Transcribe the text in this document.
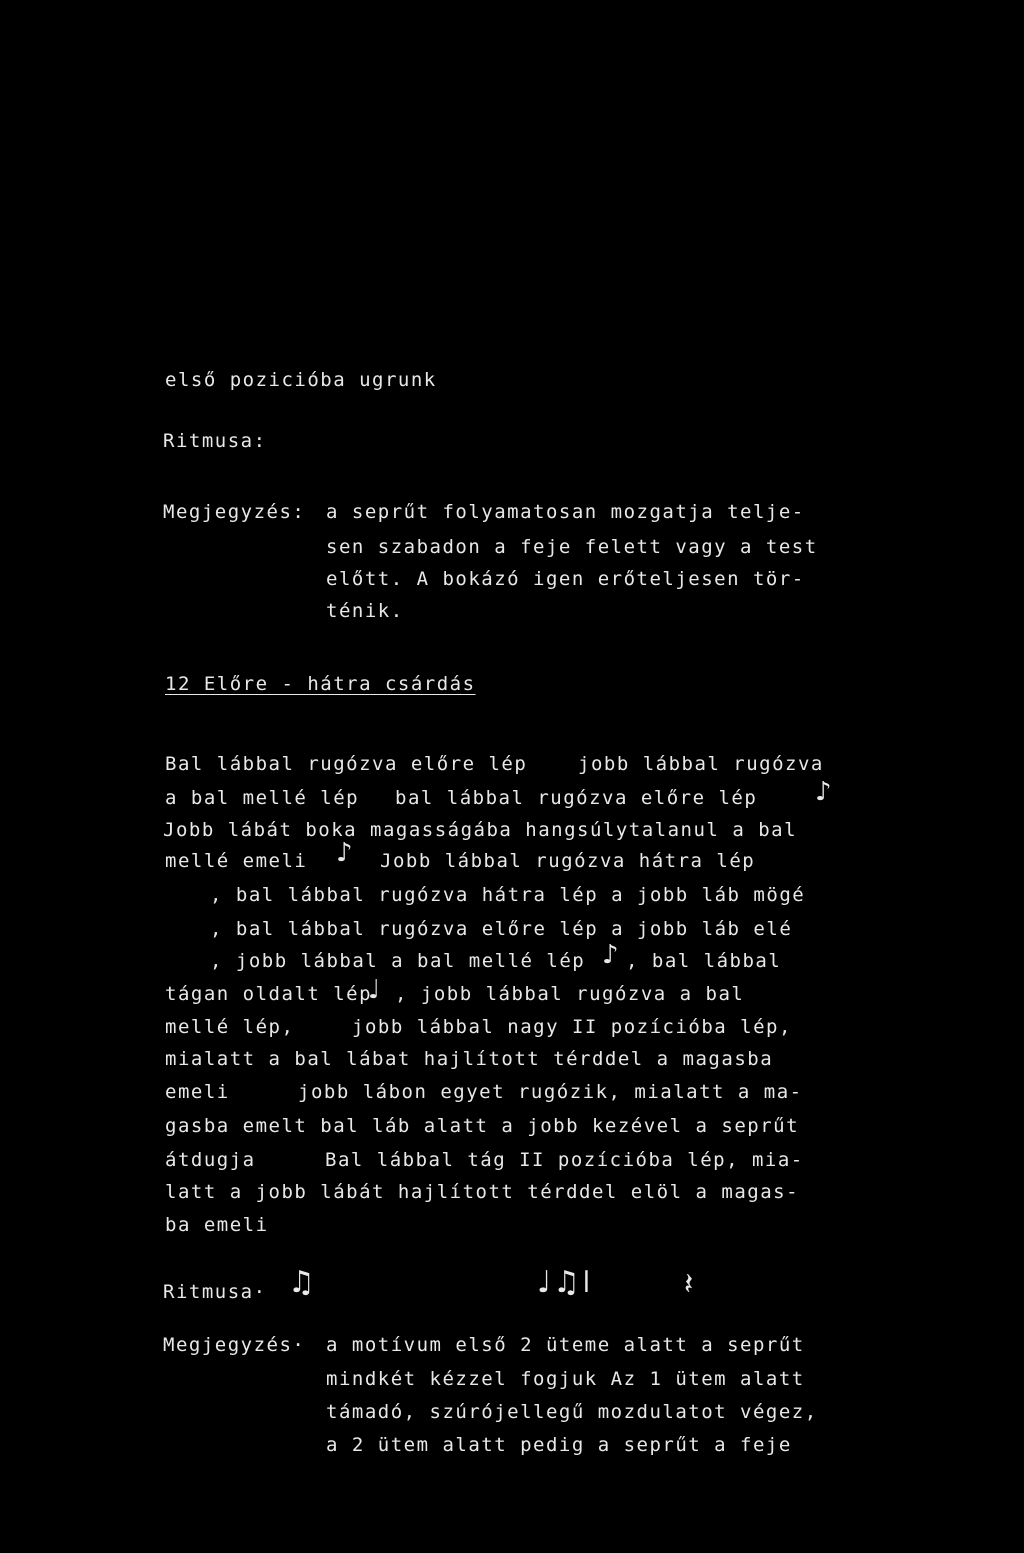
első pozicióba ugrunk
Ritmusa:
Megjegyzés: a seprűt folyamatosan mozgatja telje-
sen szabadon a feje felett vagy a test
előtt. A bokázó igen erőteljesen tör-
ténik.
12 Előre - hátra csárdás
Bal lábbal rugózva előre lép	jobb lábbal rugózva
a bal mellé lép bal lábbal rugózva előre lép ♪
Jobb lábát boka magasságába hangsúlytalanul a bal
mellé emeli ♪ Jobb lábbal rugózva hátra lép
, bal lábbal rugózva hátra lép a jobb láb mögé
, bal lábbal rugózva előre lép a jobb láb elé
, jobb lábbal a bal mellé lép ♪ , bal lábbal
tágan oldalt lép
♩ , jobb lábbal rugózva a bal
mellé lép,	jobb lábbal nagy II pozícióba lép,
mialatt a bal lábat hajlított térddel a magasba
emeli	jobb lábon egyet rugózik, mialatt a ma-
gasba emelt bal láb alatt a jobb kezével a seprűt
átdugja	Bal lábbal tág II pozícióba lép, mia-
latt a jobb lábát hajlított térddel elöl a magas-
ba emeli
Ritmusa· ♫	♩♫ǀ	𝄽
Megjegyzés· a motívum első 2 üteme alatt a seprűt
mindkét kézzel fogjuk Az 1 ütem alatt
támadó, szúrójellegű mozdulatot végez,
a 2 ütem alatt pedig a seprűt a feje
